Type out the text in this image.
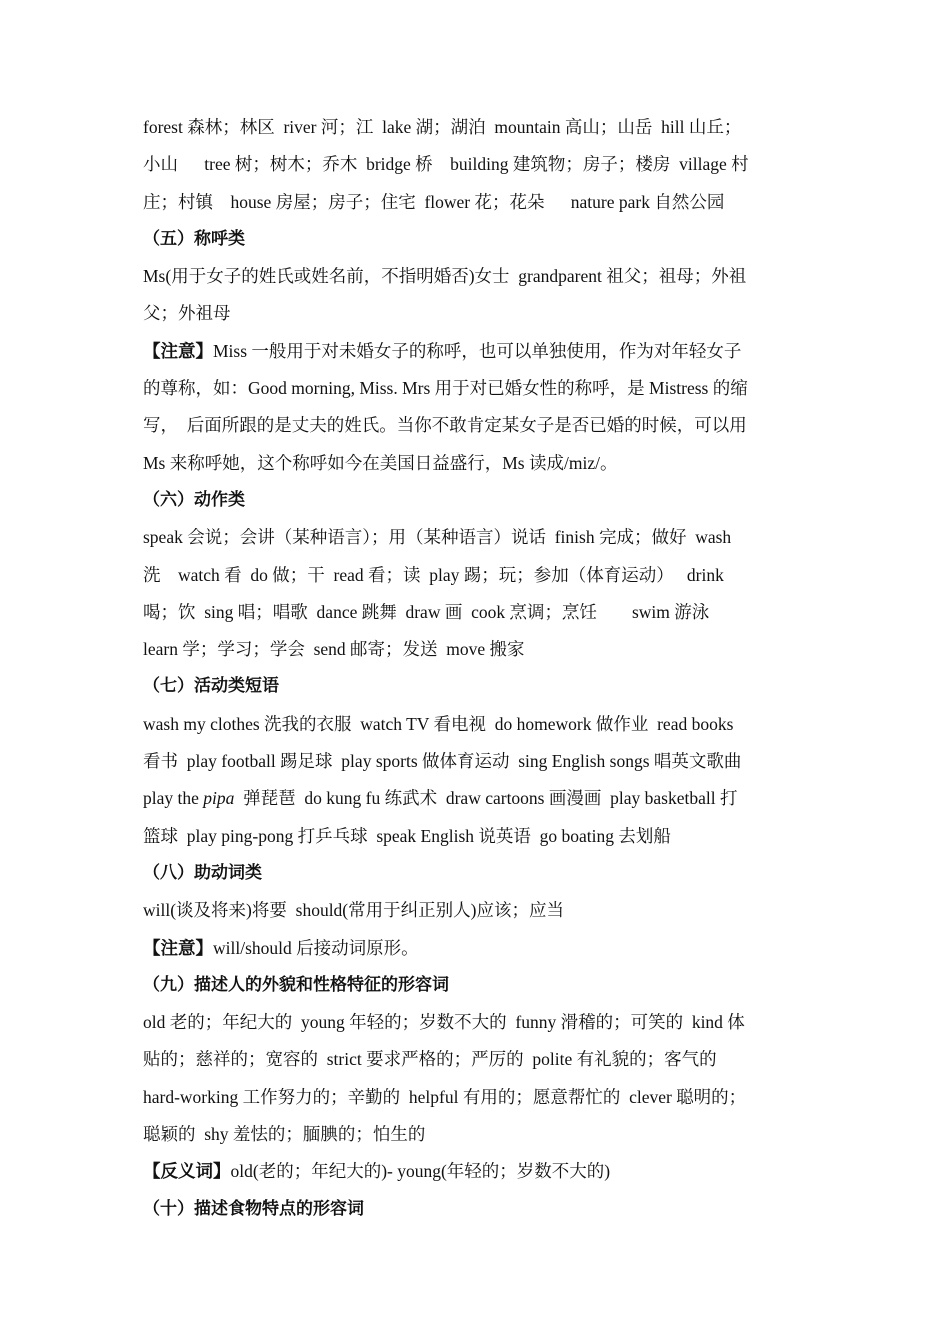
forest 森林；林区  river 河；江  lake 湖；湖泊  mountain 高山；山岳  hill 山丘；
小山      tree 树；树木；乔木  bridge 桥    building 建筑物；房子；楼房  village 村
庄；村镇    house 房屋；房子；住宅  flower 花；花朵      nature park 自然公园
（五）称呼类
Ms(用于女子的姓氏或姓名前，不指明婚否)女士  grandparent 祖父；祖母；外祖
父；外祖母
【注意】Miss 一般用于对未婚女子的称呼，也可以单独使用，作为对年轻女子
的尊称，如：Good morning, Miss. Mrs 用于对已婚女性的称呼，是 Mistress 的缩
写，  后面所跟的是丈夫的姓氏。当你不敢肯定某女子是否已婚的时候，可以用
Ms 来称呼她，这个称呼如今在美国日益盛行，Ms 读成/miz/。
（六）动作类
speak 会说；会讲（某种语言）；用（某种语言）说话  finish 完成；做好  wash
洗    watch 看  do 做；干  read 看；读  play 踢；玩；参加（体育运动）   drink
喝；饮  sing 唱；唱歌  dance 跳舞  draw 画  cook 烹调；烹饪        swim 游泳
learn 学；学习；学会  send 邮寄；发送  move 搬家
（七）活动类短语
wash my clothes 洗我的衣服  watch TV 看电视  do homework 做作业  read books
看书  play football 踢足球  play sports 做体育运动  sing English songs 唱英文歌曲
play the pipa  弹琵琶  do kung fu 练武术  draw cartoons 画漫画  play basketball 打
篮球  play ping-pong 打乒乓球  speak English 说英语  go boating 去划船
（八）助动词类
will(谈及将来)将要  should(常用于纠正别人)应该；应当
【注意】will/should 后接动词原形。
（九）描述人的外貌和性格特征的形容词
old 老的；年纪大的  young 年轻的；岁数不大的  funny 滑稽的；可笑的  kind 体
贴的；慈祥的；宽容的  strict 要求严格的；严厉的  polite 有礼貌的；客气的
hard-working 工作努力的；辛勤的  helpful 有用的；愿意帮忙的  clever 聪明的；
聪颖的  shy 羞怯的；腼腆的；怕生的
【反义词】old(老的；年纪大的)- young(年轻的；岁数不大的)
（十）描述食物特点的形容词
